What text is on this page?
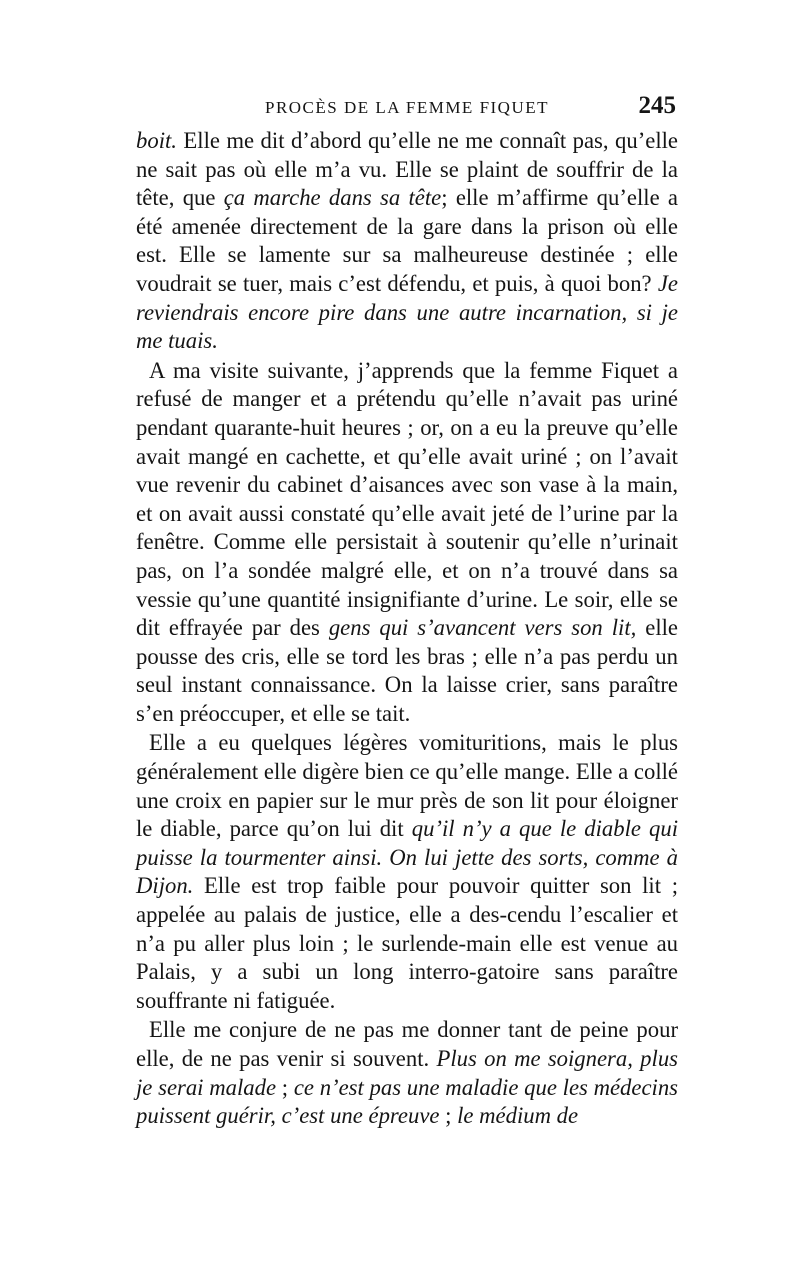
PROCÈS DE LA FEMME FIQUET	245

boit. Elle me dit d’abord qu’elle ne me connaît pas, qu’elle ne sait pas où elle m’a vu. Elle se plaint de souffrir de la tête, que ça marche dans sa tête; elle m’affirme qu’elle a été amenée directement de la gare dans la prison où elle est. Elle se lamente sur sa malheureuse destinée ; elle voudrait se tuer, mais c’est défendu, et puis, à quoi bon? Je reviendrais encore pire dans une autre incarnation, si je me tuais.

A ma visite suivante, j’apprends que la femme Fiquet a refusé de manger et a prétendu qu’elle n’avait pas uriné pendant quarante-huit heures ; or, on a eu la preuve qu’elle avait mangé en cachette, et qu’elle avait uriné ; on l’avait vue revenir du cabinet d’aisances avec son vase à la main, et on avait aussi constaté qu’elle avait jeté de l’urine par la fenêtre. Comme elle persistait à soutenir qu’elle n’urinait pas, on l’a sondée malgré elle, et on n’a trouvé dans sa vessie qu’une quantité insignifiante d’urine. Le soir, elle se dit effrayée par des gens qui s’avancent vers son lit, elle pousse des cris, elle se tord les bras ; elle n’a pas perdu un seul instant connaissance. On la laisse crier, sans paraître s’en préoccuper, et elle se tait.

Elle a eu quelques légères vomituritions, mais le plus généralement elle digère bien ce qu’elle mange. Elle a collé une croix en papier sur le mur près de son lit pour éloigner le diable, parce qu’on lui dit qu’il n’y a que le diable qui puisse la tourmenter ainsi. On lui jette des sorts, comme à Dijon. Elle est trop faible pour pouvoir quitter son lit ; appelée au palais de justice, elle a des-cendu l’escalier et n’a pu aller plus loin ; le surlende-main elle est venue au Palais, y a subi un long interro-gatoire sans paraître souffrante ni fatiguée.

Elle me conjure de ne pas me donner tant de peine pour elle, de ne pas venir si souvent. Plus on me soignera, plus je serai malade ; ce n’est pas une maladie que les médecins puissent guérir, c’est une épreuve ; le médium de
